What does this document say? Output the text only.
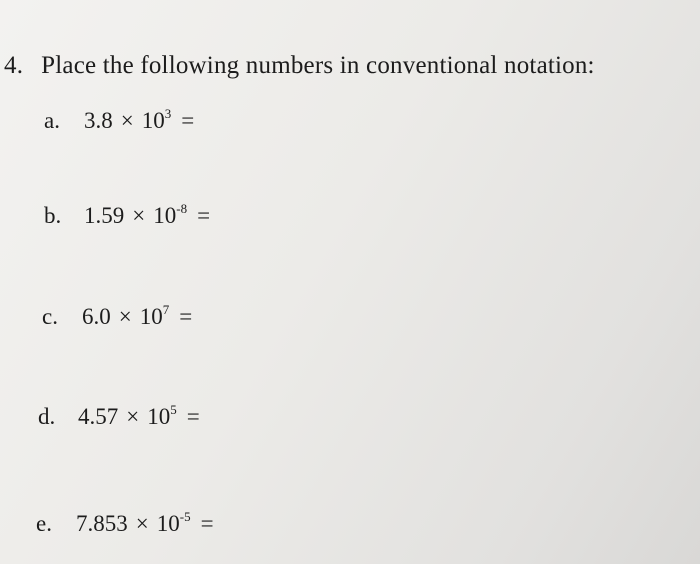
4. Place the following numbers in conventional notation:
a. $3.8 \times 10^3$ =
b. $1.59 \times 10^{-8}$ =
c. $6.0 \times 10^7$ =
d. $4.57 \times 10^5$ =
e. $7.853 \times 10^{-5}$ =
